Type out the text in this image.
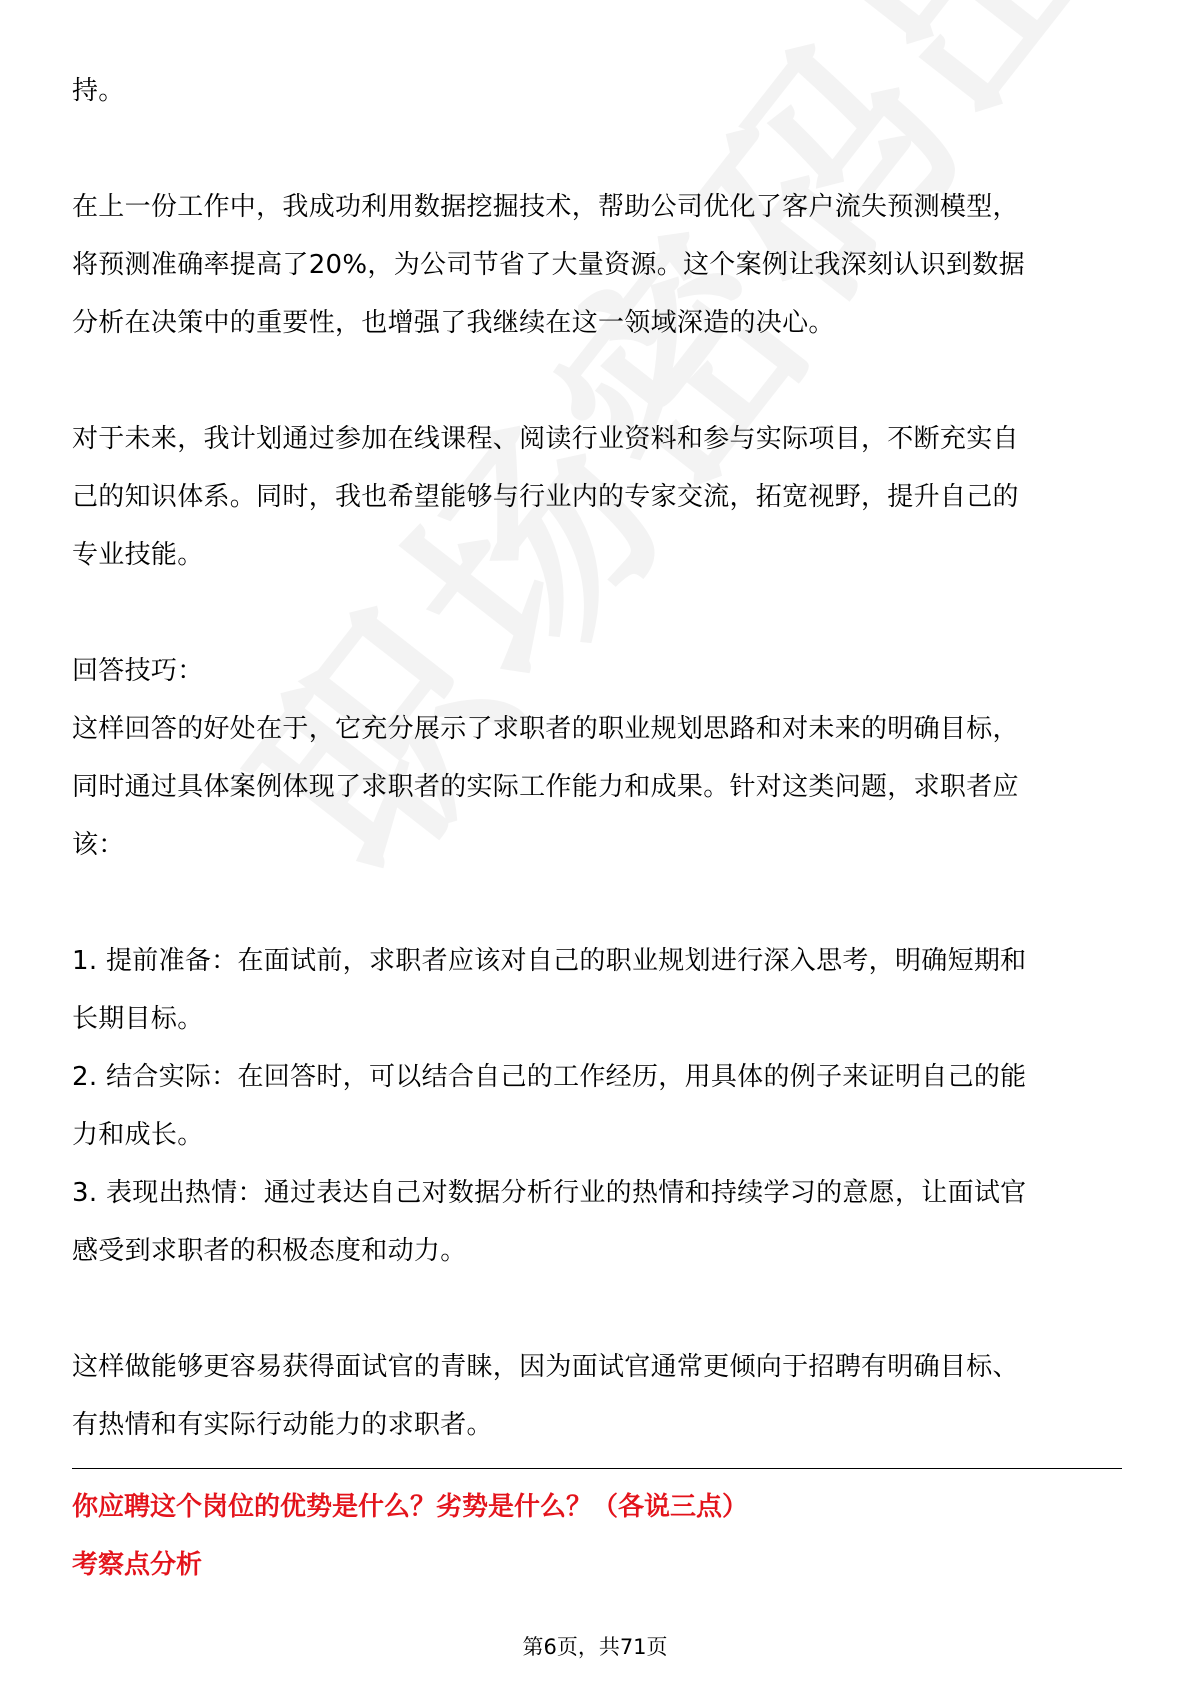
持。

在上一份工作中，我成功利用数据挖掘技术，帮助公司优化了客户流失预测模型，

将预测准确率提高了20%，为公司节省了大量资源。这个案例让我深刻认识到数据

分析在决策中的重要性，也增强了我继续在这一领域深造的决心。

对于未来，我计划通过参加在线课程、阅读行业资料和参与实际项目，不断充实自

己的知识体系。同时，我也希望能够与行业内的专家交流，拓宽视野，提升自己的

专业技能。

回答技巧：

这样回答的好处在于，它充分展示了求职者的职业规划思路和对未来的明确目标，

同时通过具体案例体现了求职者的实际工作能力和成果。针对这类问题，求职者应

该：

1. 提前准备：在面试前，求职者应该对自己的职业规划进行深入思考，明确短期和

长期目标。

2. 结合实际：在回答时，可以结合自己的工作经历，用具体的例子来证明自己的能

力和成长。

3. 表现出热情：通过表达自己对数据分析行业的热情和持续学习的意愿，让面试官

感受到求职者的积极态度和动力。

这样做能够更容易获得面试官的青睐，因为面试官通常更倾向于招聘有明确目标、

有热情和有实际行动能力的求职者。

你应聘这个岗位的优势是什么？劣势是什么？（各说三点）
考察点分析
第6页，共71页
